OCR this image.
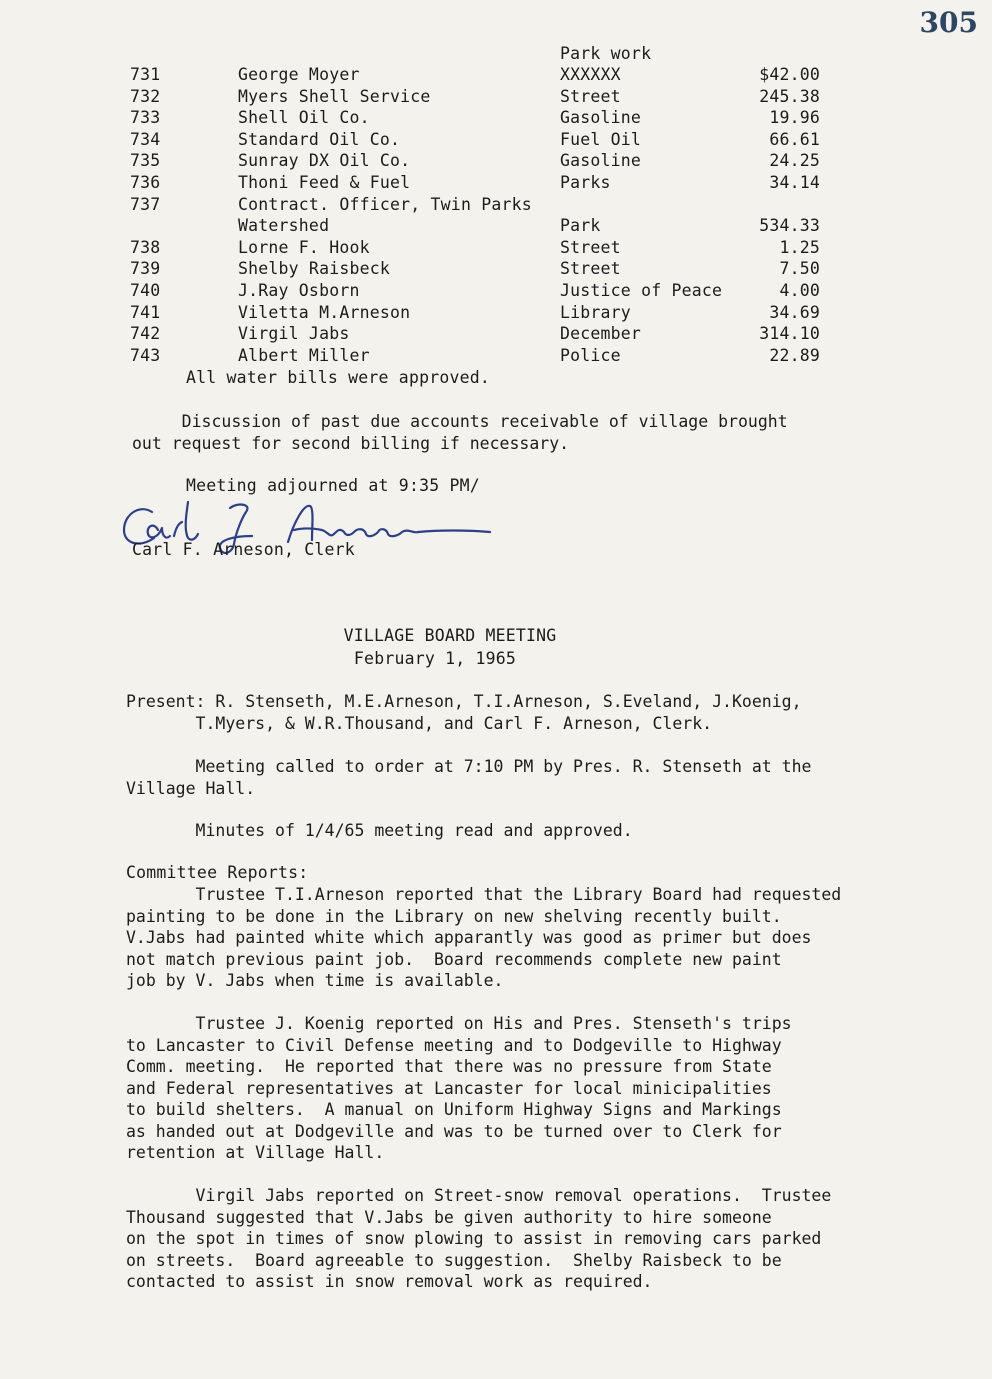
305
Park work
731	George Moyer	XXXXXX	$42.00
732	Myers Shell Service	Street	245.38
733	Shell Oil Co.	Gasoline	19.96
734	Standard Oil Co.	Fuel Oil	66.61
735	Sunray DX Oil Co.	Gasoline	24.25
736	Thoni Feed & Fuel	Parks	34.14
737	Contract. Officer, Twin Parks
Watershed	Park	534.33
738	Lorne F. Hook	Street	1.25
739	Shelby Raisbeck	Street	7.50
740	J.Ray Osborn	Justice of Peace	4.00
741	Viletta M.Arneson	Library	34.69
742	Virgil Jabs	December	314.10
743	Albert Miller	Police	22.89
All water bills were approved.
Discussion of past due accounts receivable of village brought
out request for second billing if necessary.
Meeting adjourned at 9:35 PM/
Carl F. Arneson, Clerk
VILLAGE BOARD MEETING
February 1, 1965
Present: R. Stenseth, M.E.Arneson, T.I.Arneson, S.Eveland, J.Koenig,
T.Myers, & W.R.Thousand, and Carl F. Arneson, Clerk.
Meeting called to order at 7:10 PM by Pres. R. Stenseth at the
Village Hall.
Minutes of 1/4/65 meeting read and approved.
Committee Reports:
Trustee T.I.Arneson reported that the Library Board had requested
painting to be done in the Library on new shelving recently built.
V.Jabs had painted white which apparantly was good as primer but does
not match previous paint job.  Board recommends complete new paint
job by V. Jabs when time is available.
Trustee J. Koenig reported on His and Pres. Stenseth's trips
to Lancaster to Civil Defense meeting and to Dodgeville to Highway
Comm. meeting.  He reported that there was no pressure from State
and Federal representatives at Lancaster for local minicipalities
to build shelters.  A manual on Uniform Highway Signs and Markings
as handed out at Dodgeville and was to be turned over to Clerk for
retention at Village Hall.
Virgil Jabs reported on Street-snow removal operations.  Trustee
Thousand suggested that V.Jabs be given authority to hire someone
on the spot in times of snow plowing to assist in removing cars parked
on streets.  Board agreeable to suggestion.  Shelby Raisbeck to be
contacted to assist in snow removal work as required.
